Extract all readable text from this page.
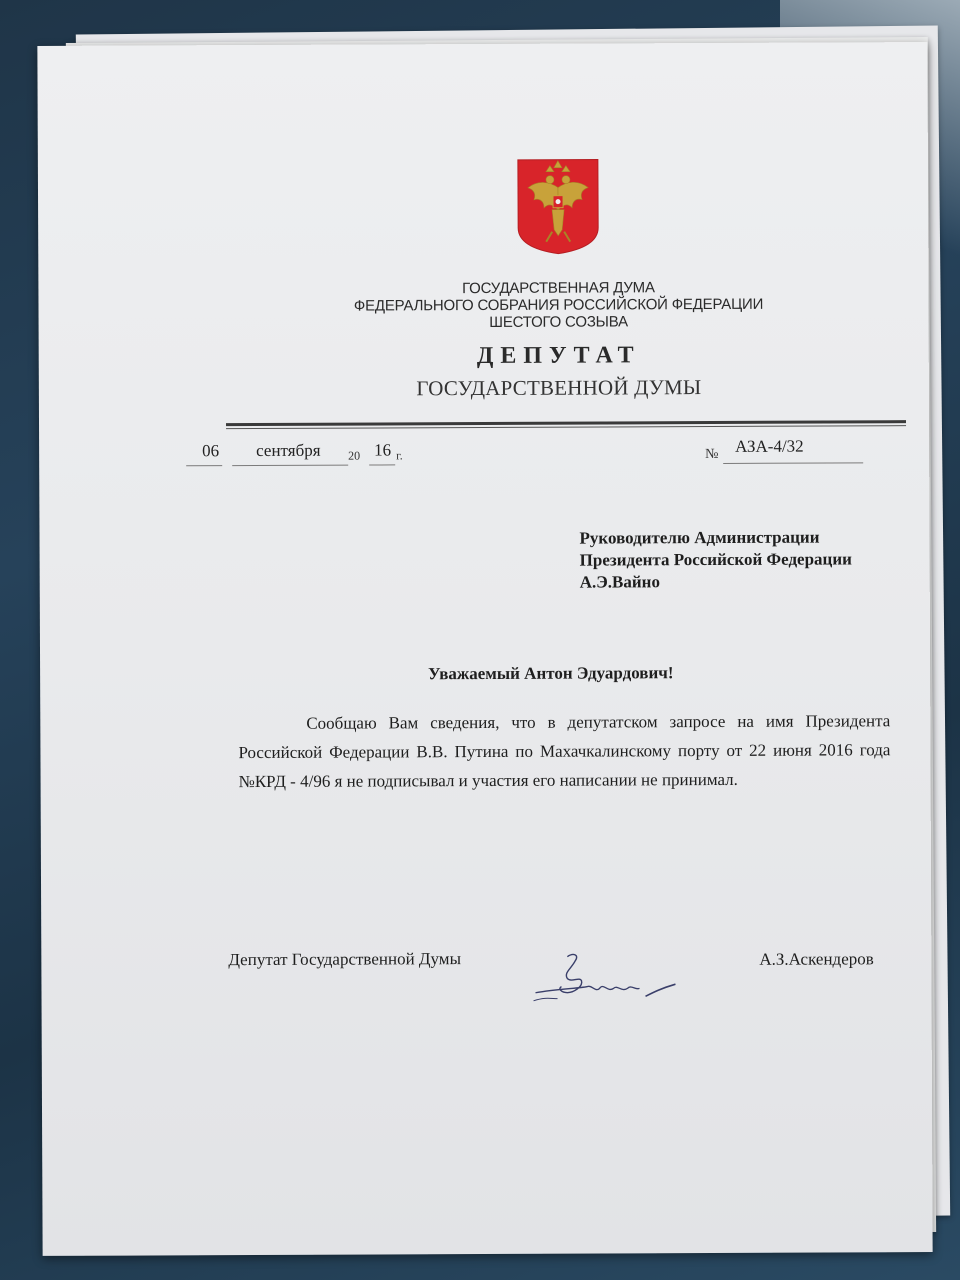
ГОСУДАРСТВЕННАЯ ДУМА
ФЕДЕРАЛЬНОГО СОБРАНИЯ РОССИЙСКОЙ ФЕДЕРАЦИИ
ШЕСТОГО СОЗЫВА
ДЕПУТАТ
ГОСУДАРСТВЕННОЙ ДУМЫ
06 сентября 20 16 г.	№ АЗА-4/32
Руководителю Администрации
Президента Российской Федерации
А.Э.Вайно
Уважаемый Антон Эдуардович!
Сообщаю Вам сведения, что в депутатском запросе на имя Президента Российской Федерации В.В. Путина по Махачкалинскому порту от 22 июня 2016 года №КРД - 4/96 я не подписывал и участия его написании не принимал.
Депутат Государственной Думы	А.З.Аскендеров
